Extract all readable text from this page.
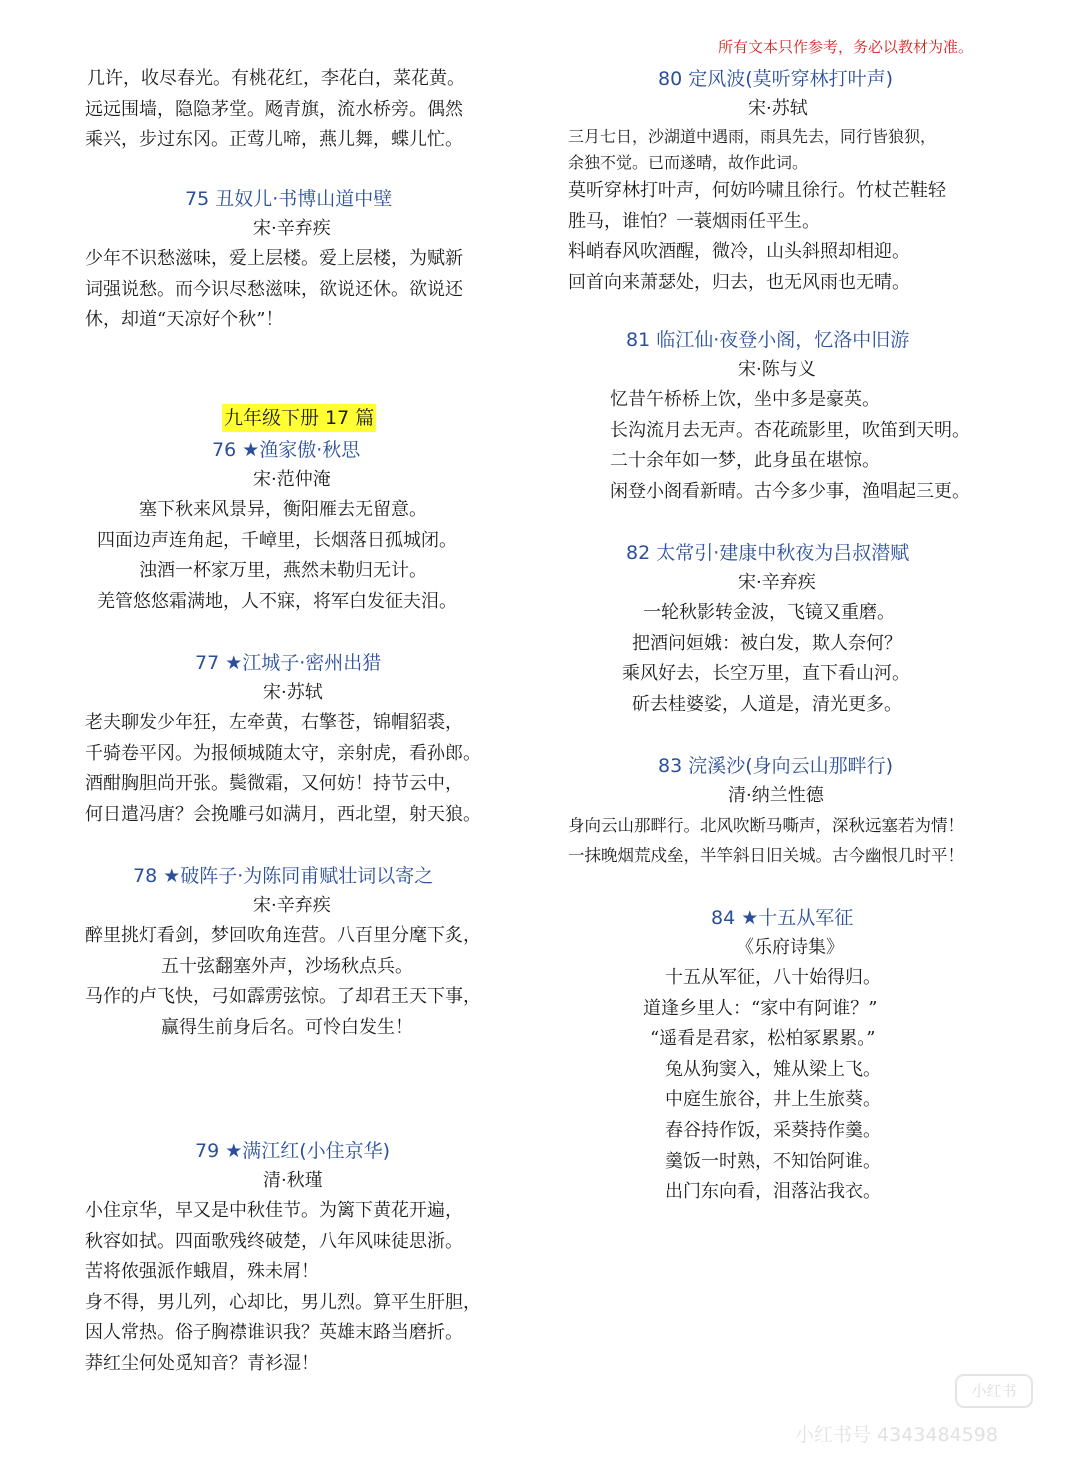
所有文本只作参考，务必以教材为准。
几许，收尽春光。有桃花红，李花白，菜花黄。
远远围墙，隐隐茅堂。飏青旗，流水桥旁。偶然
乘兴，步过东冈。正莺儿啼，燕儿舞，蝶儿忙。
75 丑奴儿·书博山道中壁
宋·辛弃疾
少年不识愁滋味，爱上层楼。爱上层楼，为赋新
词强说愁。而今识尽愁滋味，欲说还休。欲说还
休，却道“天凉好个秋”！
九年级下册 17 篇
76 ★渔家傲·秋思
宋·范仲淹
塞下秋来风景异，衡阳雁去无留意。
四面边声连角起，千嶂里，长烟落日孤城闭。
浊酒一杯家万里，燕然未勒归无计。
羌管悠悠霜满地，人不寐，将军白发征夫泪。
77 ★江城子·密州出猎
宋·苏轼
老夫聊发少年狂，左牵黄，右擎苍，锦帽貂裘，
千骑卷平冈。为报倾城随太守，亲射虎，看孙郎。
酒酣胸胆尚开张。鬓微霜，又何妨！持节云中，
何日遣冯唐？会挽雕弓如满月，西北望，射天狼。
78 ★破阵子·为陈同甫赋壮词以寄之
宋·辛弃疾
醉里挑灯看剑，梦回吹角连营。八百里分麾下炙，
五十弦翻塞外声，沙场秋点兵。
马作的卢飞快，弓如霹雳弦惊。了却君王天下事，
赢得生前身后名。可怜白发生！
79 ★满江红(小住京华)
清·秋瑾
小住京华，早又是中秋佳节。为篱下黄花开遍，
秋容如拭。四面歌残终破楚，八年风味徒思浙。
苦将侬强派作蛾眉，殊未屑！
身不得，男儿列，心却比，男儿烈。算平生肝胆，
因人常热。俗子胸襟谁识我？英雄末路当磨折。
莽红尘何处觅知音？青衫湿！
80 定风波(莫听穿林打叶声)
宋·苏轼
三月七日，沙湖道中遇雨，雨具先去，同行皆狼狈，
余独不觉。已而遂晴，故作此词。
莫听穿林打叶声，何妨吟啸且徐行。竹杖芒鞋轻
胜马，谁怕？一蓑烟雨任平生。
料峭春风吹酒醒，微冷，山头斜照却相迎。
回首向来萧瑟处，归去，也无风雨也无晴。
81 临江仙·夜登小阁，忆洛中旧游
宋·陈与义
忆昔午桥桥上饮，坐中多是豪英。
长沟流月去无声。杏花疏影里，吹笛到天明。
二十余年如一梦，此身虽在堪惊。
闲登小阁看新晴。古今多少事，渔唱起三更。
82 太常引·建康中秋夜为吕叔潜赋
宋·辛弃疾
一轮秋影转金波，飞镜又重磨。
把酒问姮娥：被白发，欺人奈何？
乘风好去，长空万里，直下看山河。
斫去桂婆娑，人道是，清光更多。
83 浣溪沙(身向云山那畔行)
清·纳兰性德
身向云山那畔行。北风吹断马嘶声，深秋远塞若为情！
一抹晚烟荒戍垒，半竿斜日旧关城。古今幽恨几时平！
84 ★十五从军征
《乐府诗集》
十五从军征，八十始得归。
道逢乡里人：“家中有阿谁？”
“遥看是君家，松柏冢累累。”
兔从狗窦入，雉从梁上飞。
中庭生旅谷，井上生旅葵。
舂谷持作饭，采葵持作羹。
羹饭一时熟，不知饴阿谁。
出门东向看，泪落沾我衣。
小红书
小红书号 4343484598
